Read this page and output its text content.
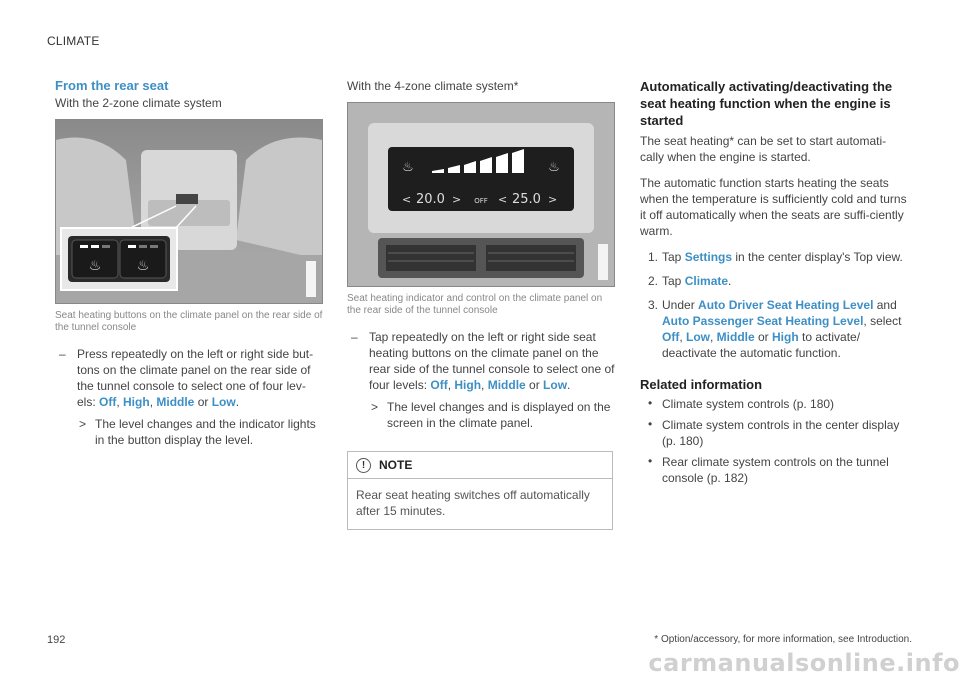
CLIMATE
From the rear seat
With the 2-zone climate system
♨	♨
Seat heating buttons on the climate panel on the rear side of the tunnel console
– Press repeatedly on the left or right side but-tons on the climate panel on the rear side of the tunnel console to select one of four lev-els: Off, High, Middle or Low.
> The level changes and the indicator lights in the button display the level.
With the 4-zone climate system*
♨	♨
< 20.0 > OFF < 25.0 >
Seat heating indicator and control on the climate panel on the rear side of the tunnel console
– Tap repeatedly on the left or right side seat heating buttons on the climate panel on the rear side of the tunnel console to select one of four levels: Off, High, Middle or Low.
> The level changes and is displayed on the screen in the climate panel.
!	NOTE
Rear seat heating switches off automatically after 15 minutes.
Automatically activating/deactivating the seat heating function when the engine is started
The seat heating* can be set to start automati-cally when the engine is started.
The automatic function starts heating the seats when the temperature is sufficiently cold and turns it off automatically when the seats are suffi-ciently warm.
1. Tap Settings in the center display's Top view.
2. Tap Climate.
3. Under Auto Driver Seat Heating Level and Auto Passenger Seat Heating Level, select Off, Low, Middle or High to activate/ deactivate the automatic function.
Related information
• Climate system controls (p. 180)
• Climate system controls in the center display (p. 180)
• Rear climate system controls on the tunnel console (p. 182)
192	* Option/accessory, for more information, see Introduction.
carmanualsonline.info
